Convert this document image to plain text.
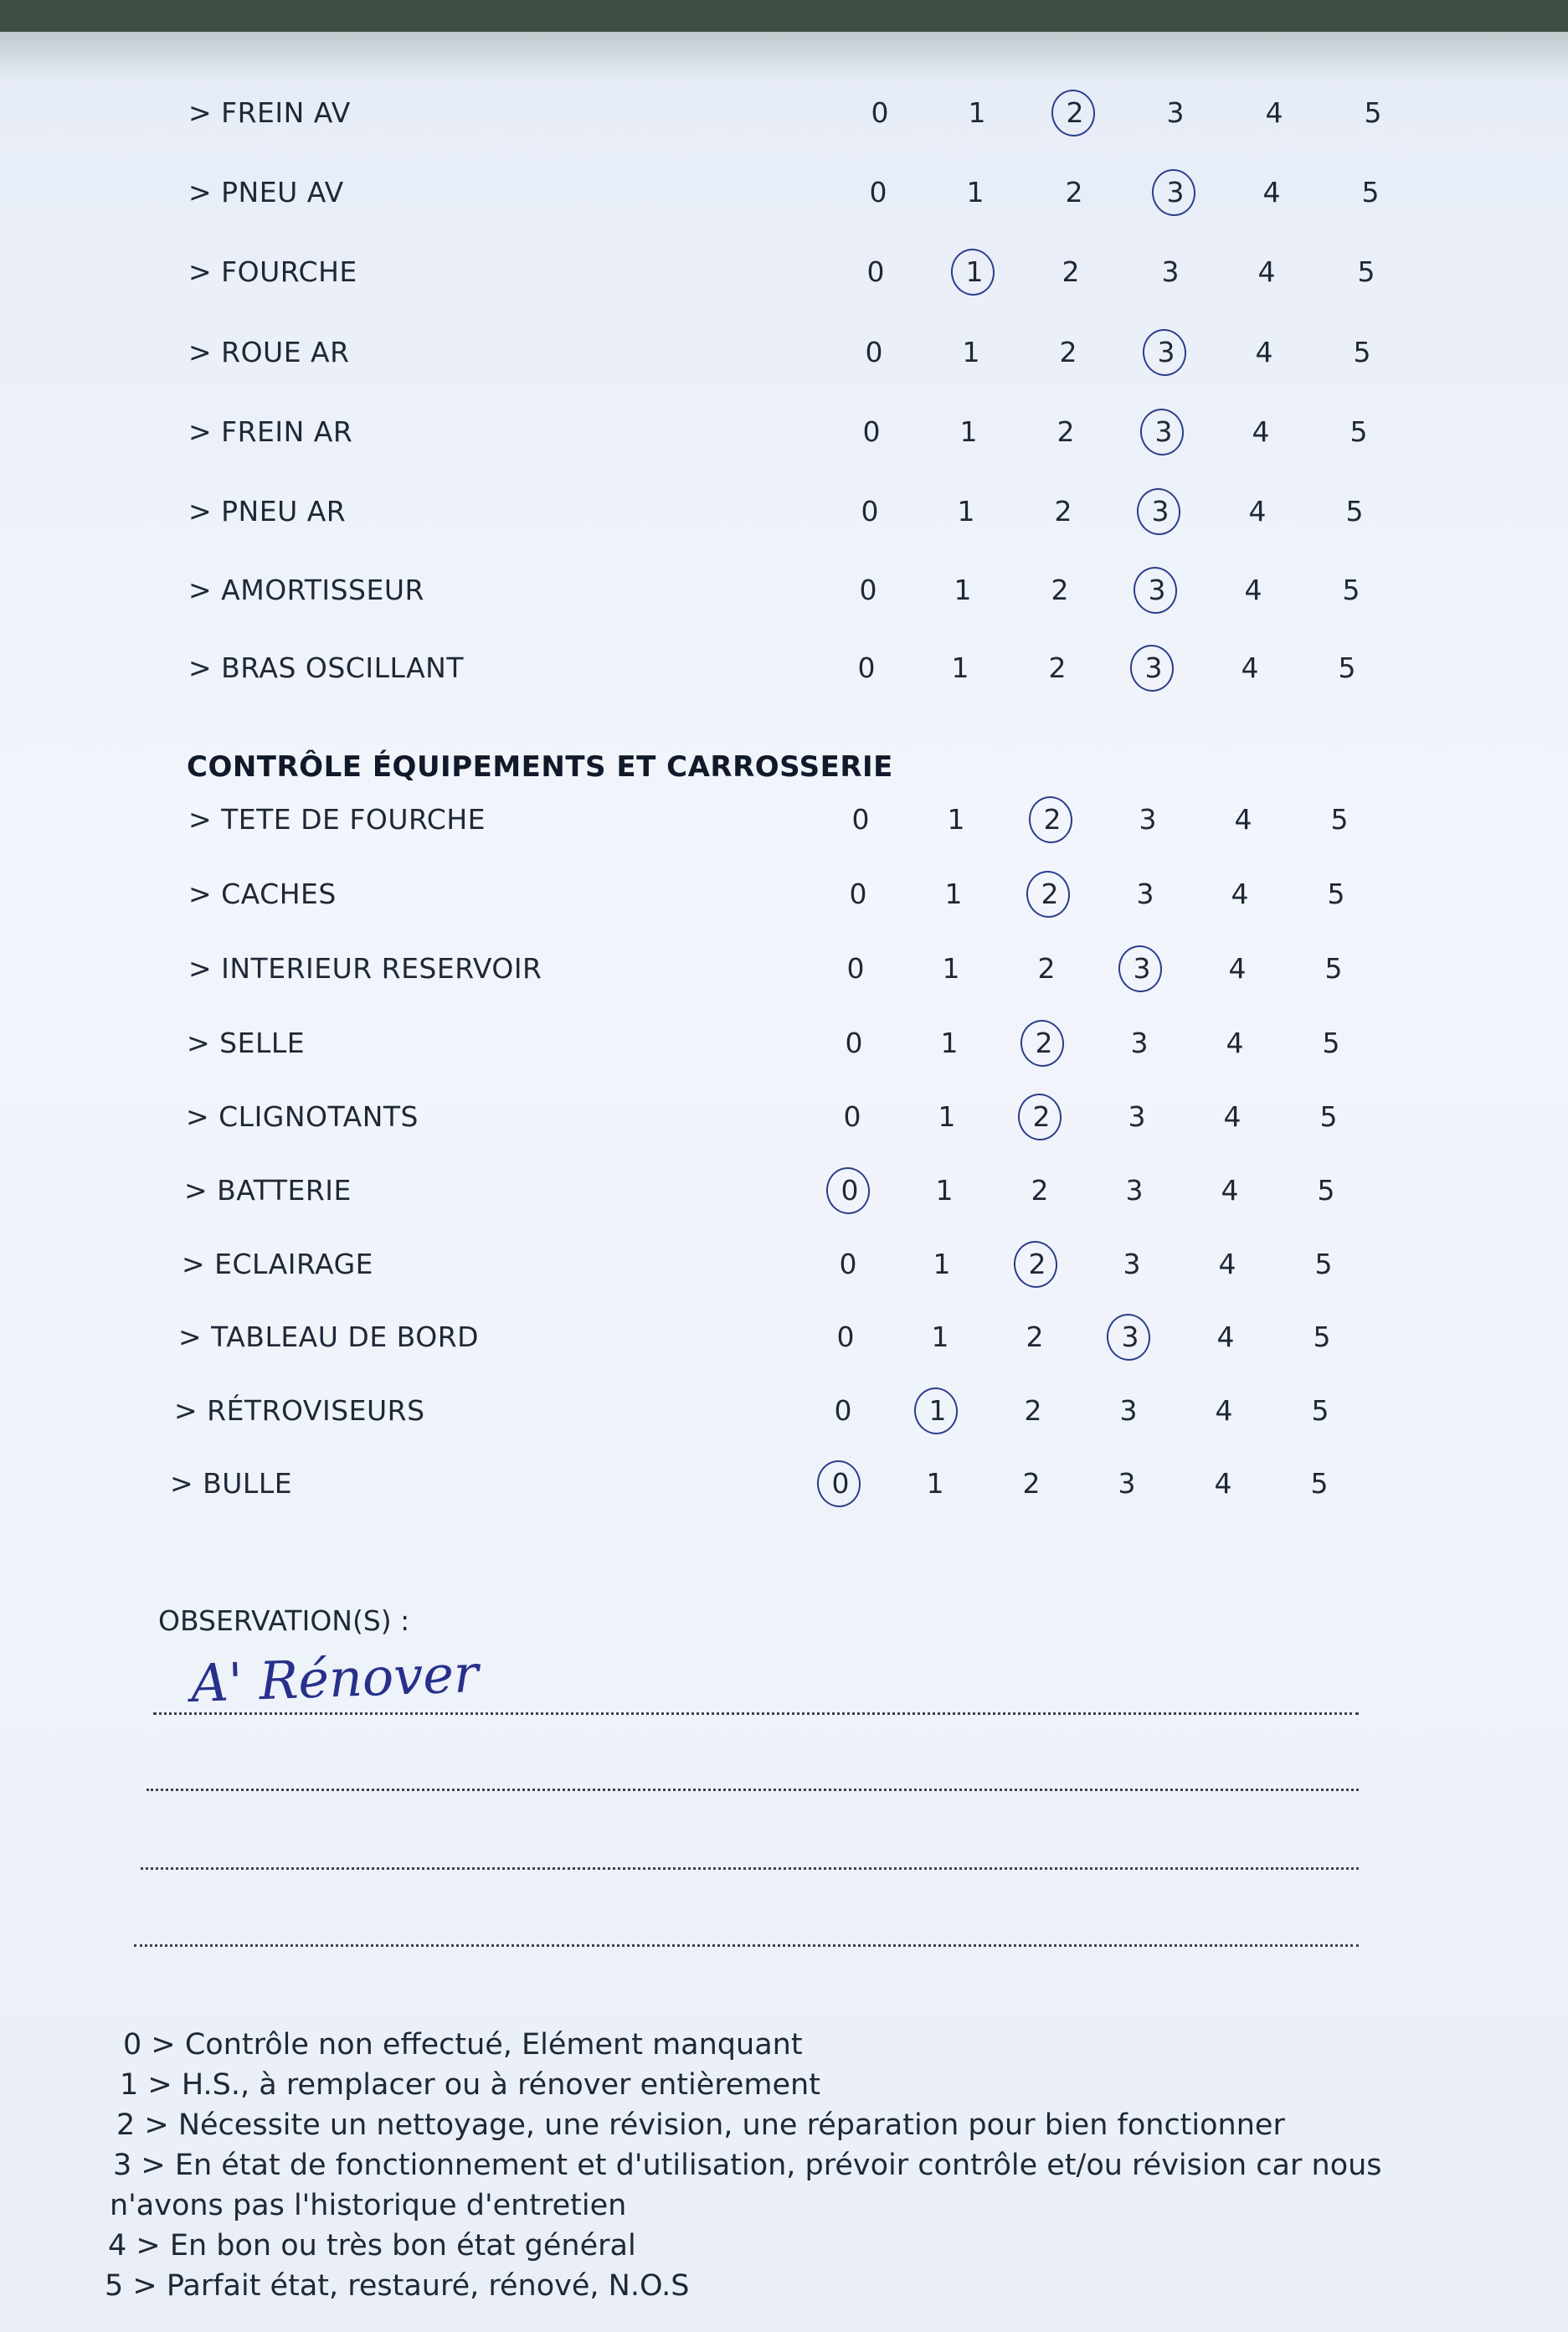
> FREIN AV	0	1	2	3	4	5
> PNEU AV	0	1	2	3	4	5
> FOURCHE	0	1	2	3	4	5
> ROUE AR	0	1	2	3	4	5
> FREIN AR	0	1	2	3	4	5
> PNEU AR	0	1	2	3	4	5
> AMORTISSEUR	0	1	2	3	4	5
> BRAS OSCILLANT	0	1	2	3	4	5
CONTRÔLE ÉQUIPEMENTS ET CARROSSERIE
> TETE DE FOURCHE	0	1	2	3	4	5
> CACHES	0	1	2	3	4	5
> INTERIEUR RESERVOIR	0	1	2	3	4	5
> SELLE	0	1	2	3	4	5
> CLIGNOTANTS	0	1	2	3	4	5
> BATTERIE	0	1	2	3	4	5
> ECLAIRAGE	0	1	2	3	4	5
> TABLEAU DE BORD	0	1	2	3	4	5
> RÉTROVISEURS	0	1	2	3	4	5
> BULLE	0	1	2	3	4	5
OBSERVATION(S) :
A' Rénover
0 > Contrôle non effectué, Elément manquant
1 > H.S., à remplacer ou à rénover entièrement
2 > Nécessite un nettoyage, une révision, une réparation pour bien fonctionner
3 > En état de fonctionnement et d'utilisation, prévoir contrôle et/ou révision car nous
n'avons pas l'historique d'entretien
4 > En bon ou très bon état général
5 > Parfait état, restauré, rénové, N.O.S
